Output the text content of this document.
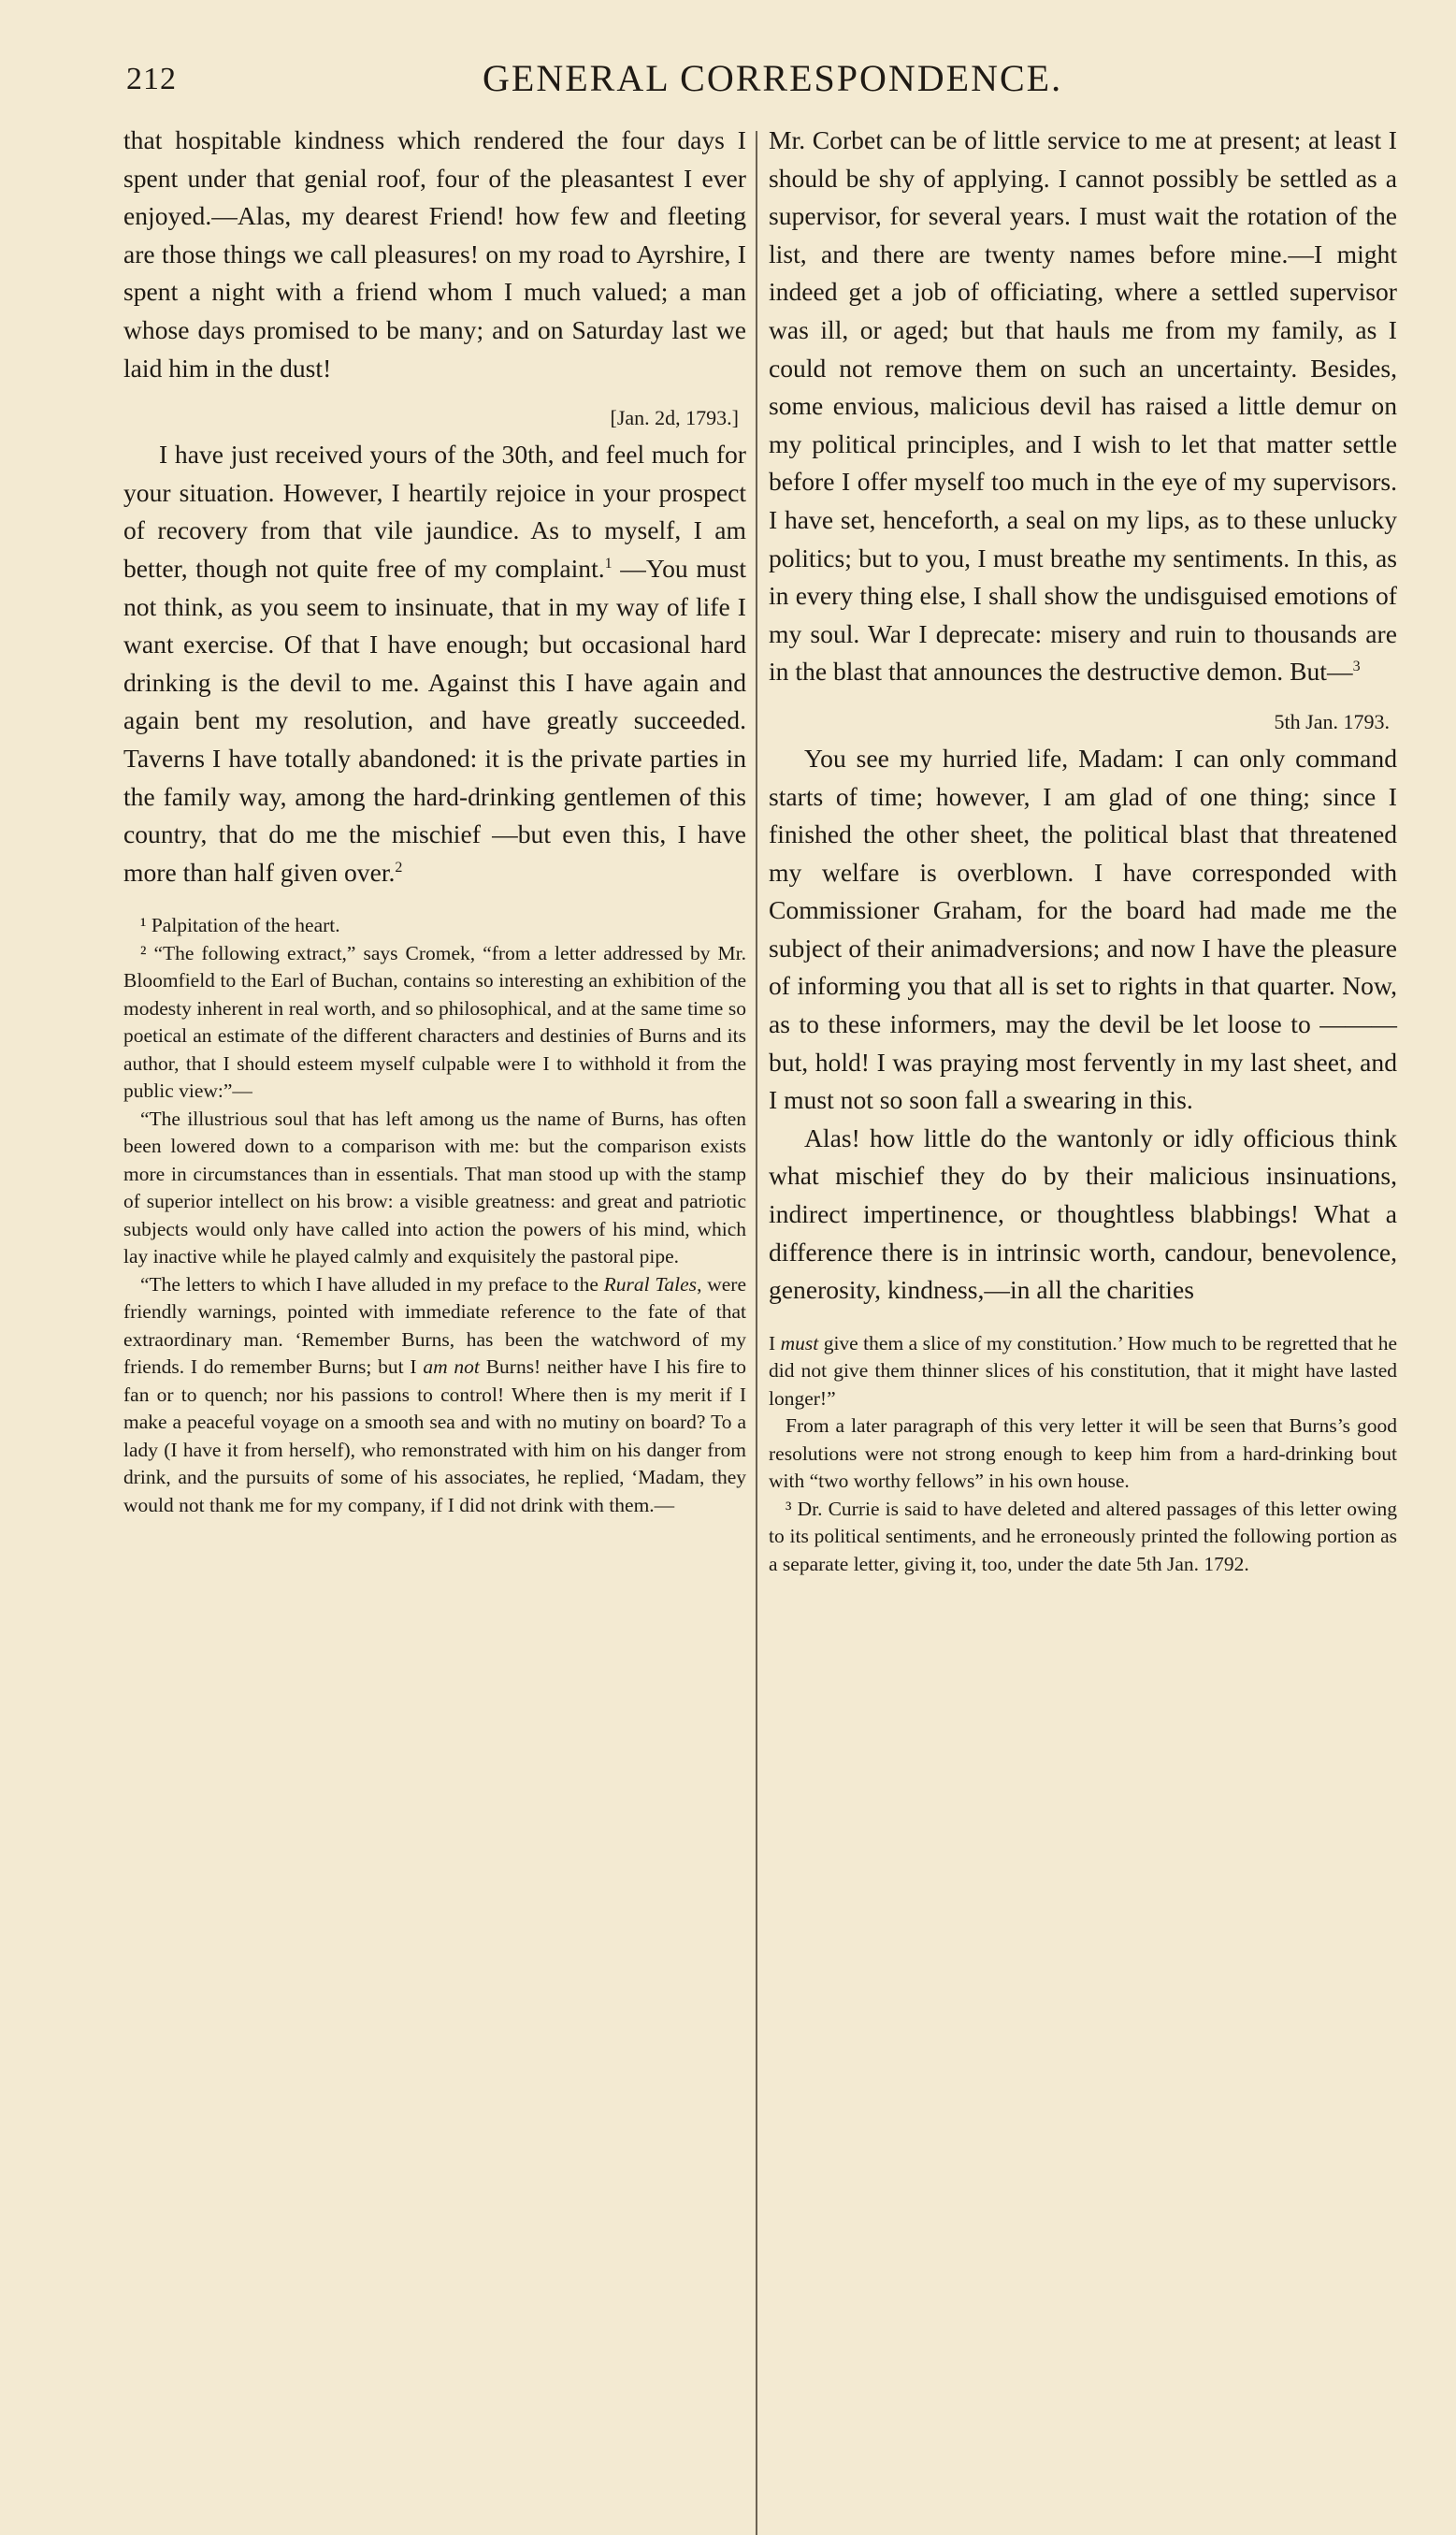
212	GENERAL CORRESPONDENCE.

that hospitable kindness which rendered the four days I spent under that genial roof, four of the pleasantest I ever enjoyed.—Alas, my dearest Friend! how few and fleeting are those things we call pleasures! on my road to Ayrshire, I spent a night with a friend whom I much valued; a man whose days promised to be many; and on Saturday last we laid him in the dust!

[Jan. 2d, 1793.]

I have just received yours of the 30th, and feel much for your situation. However, I heartily rejoice in your prospect of recovery from that vile jaundice. As to myself, I am better, though not quite free of my complaint.$^1$ —You must not think, as you seem to insinuate, that in my way of life I want exercise. Of that I have enough; but occasional hard drinking is the devil to me. Against this I have again and again bent my resolution, and have greatly succeeded. Taverns I have totally abandoned: it is the private parties in the family way, among the hard-drinking gentlemen of this country, that do me the mischief —but even this, I have more than half given over.$^2$

¹ Palpitation of the heart.

² “The following extract,” says Cromek, “from a letter addressed by Mr. Bloomfield to the Earl of Buchan, contains so interesting an exhibition of the modesty inherent in real worth, and so philosophical, and at the same time so poetical an estimate of the different characters and destinies of Burns and its author, that I should esteem myself culpable were I to withhold it from the public view:”—

“The illustrious soul that has left among us the name of Burns, has often been lowered down to a comparison with me: but the comparison exists more in circumstances than in essentials. That man stood up with the stamp of superior intellect on his brow: a visible greatness: and great and patriotic subjects would only have called into action the powers of his mind, which lay inactive while he played calmly and exquisitely the pastoral pipe.

“The letters to which I have alluded in my preface to the Rural Tales, were friendly warnings, pointed with immediate reference to the fate of that extraordinary man. ‘Remember Burns, has been the watchword of my friends. I do remember Burns; but I am not Burns! neither have I his fire to fan or to quench; nor his passions to control! Where then is my merit if I make a peaceful voyage on a smooth sea and with no mutiny on board? To a lady (I have it from herself), who remonstrated with him on his danger from drink, and the pursuits of some of his associates, he replied, ‘Madam, they would not thank me for my company, if I did not drink with them.—

Mr. Corbet can be of little service to me at present; at least I should be shy of applying. I cannot possibly be settled as a supervisor, for several years. I must wait the rotation of the list, and there are twenty names before mine.—I might indeed get a job of officiating, where a settled supervisor was ill, or aged; but that hauls me from my family, as I could not remove them on such an uncertainty. Besides, some envious, malicious devil has raised a little demur on my political principles, and I wish to let that matter settle before I offer myself too much in the eye of my supervisors. I have set, henceforth, a seal on my lips, as to these unlucky politics; but to you, I must breathe my sentiments. In this, as in every thing else, I shall show the undisguised emotions of my soul. War I deprecate: misery and ruin to thousands are in the blast that announces the destructive demon. But—$^3$

5th Jan. 1793.

You see my hurried life, Madam: I can only command starts of time; however, I am glad of one thing; since I finished the other sheet, the political blast that threatened my welfare is overblown. I have corresponded with Commissioner Graham, for the board had made me the subject of their animadversions; and now I have the pleasure of informing you that all is set to rights in that quarter. Now, as to these informers, may the devil be let loose to ——— but, hold! I was praying most fervently in my last sheet, and I must not so soon fall a swearing in this.

Alas! how little do the wantonly or idly officious think what mischief they do by their malicious insinuations, indirect impertinence, or thoughtless blabbings! What a difference there is in intrinsic worth, candour, benevolence, generosity, kindness,—in all the charities

I must give them a slice of my constitution.’ How much to be regretted that he did not give them thinner slices of his constitution, that it might have lasted longer!”

From a later paragraph of this very letter it will be seen that Burns’s good resolutions were not strong enough to keep him from a hard-drinking bout with “two worthy fellows” in his own house.

³ Dr. Currie is said to have deleted and altered passages of this letter owing to its political sentiments, and he erroneously printed the following portion as a separate letter, giving it, too, under the date 5th Jan. 1792.
